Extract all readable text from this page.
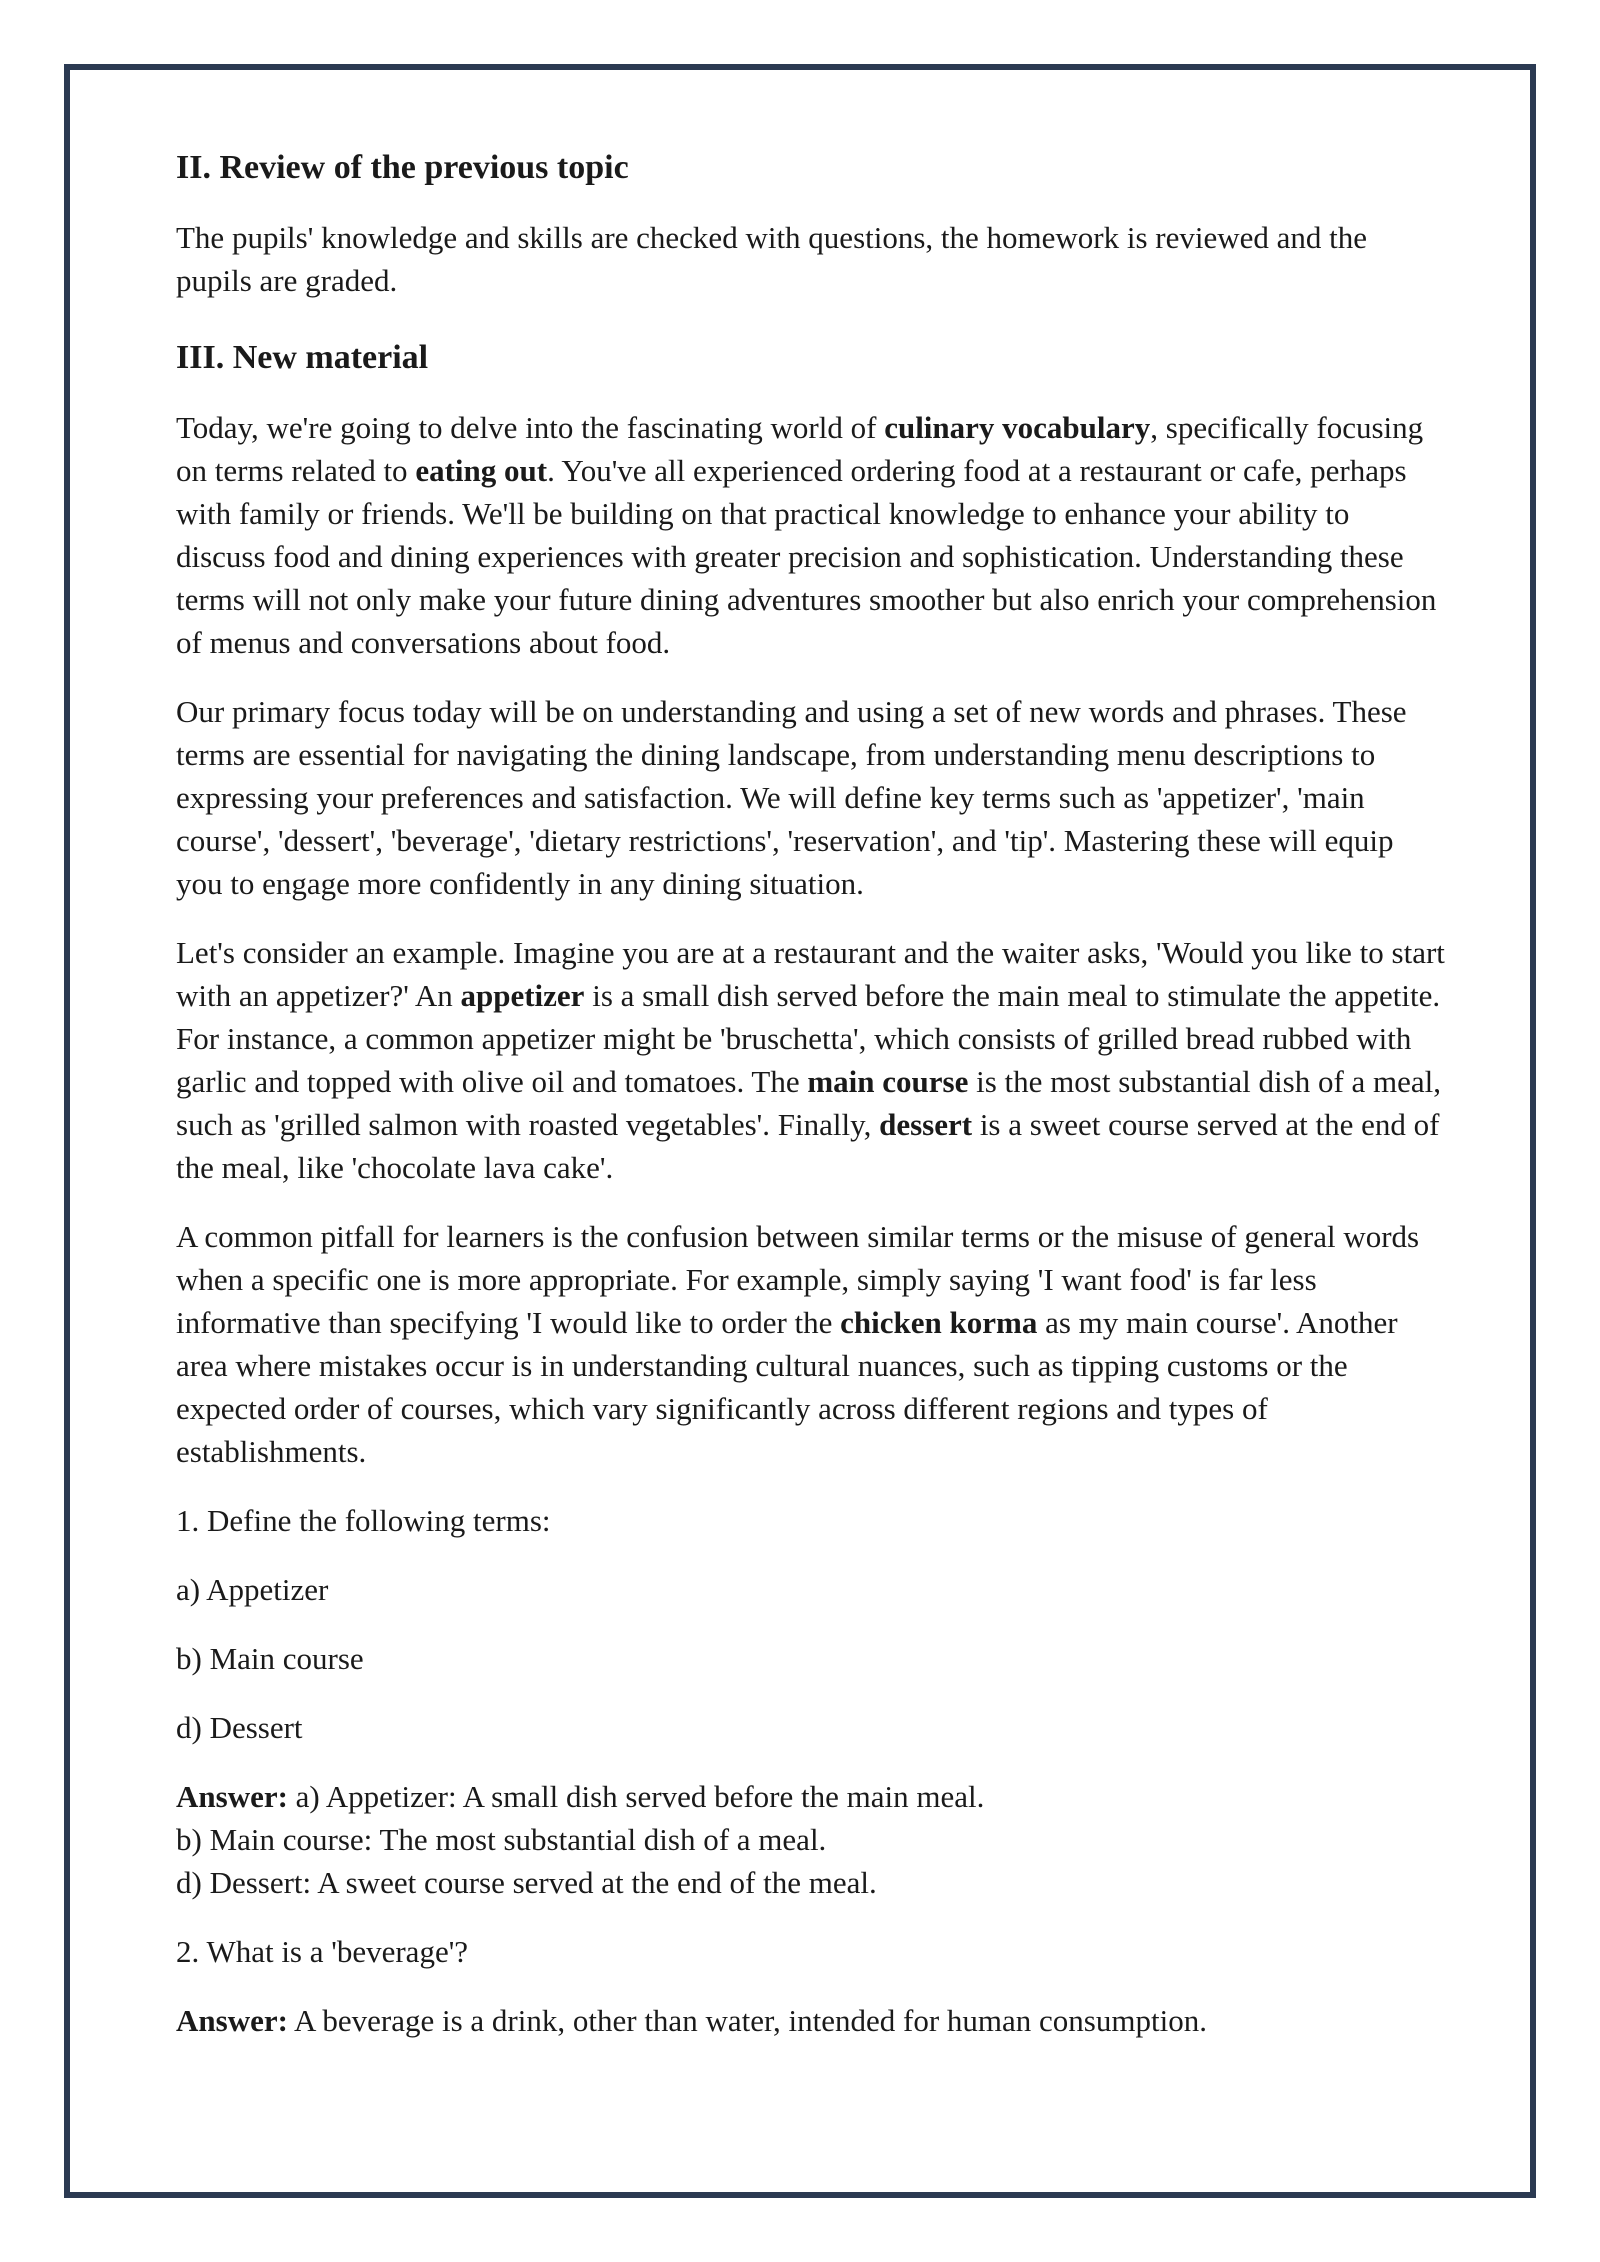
II. Review of the previous topic

The pupils' knowledge and skills are checked with questions, the homework is reviewed and the pupils are graded.

III. New material

Today, we're going to delve into the fascinating world of culinary vocabulary, specifically focusing on terms related to eating out. You've all experienced ordering food at a restaurant or cafe, perhaps with family or friends. We'll be building on that practical knowledge to enhance your ability to discuss food and dining experiences with greater precision and sophistication. Understanding these terms will not only make your future dining adventures smoother but also enrich your comprehension of menus and conversations about food.

Our primary focus today will be on understanding and using a set of new words and phrases. These terms are essential for navigating the dining landscape, from understanding menu descriptions to expressing your preferences and satisfaction. We will define key terms such as 'appetizer', 'main course', 'dessert', 'beverage', 'dietary restrictions', 'reservation', and 'tip'. Mastering these will equip you to engage more confidently in any dining situation.

Let's consider an example. Imagine you are at a restaurant and the waiter asks, 'Would you like to start with an appetizer?' An appetizer is a small dish served before the main meal to stimulate the appetite. For instance, a common appetizer might be 'bruschetta', which consists of grilled bread rubbed with garlic and topped with olive oil and tomatoes. The main course is the most substantial dish of a meal, such as 'grilled salmon with roasted vegetables'. Finally, dessert is a sweet course served at the end of the meal, like 'chocolate lava cake'.

A common pitfall for learners is the confusion between similar terms or the misuse of general words when a specific one is more appropriate. For example, simply saying 'I want food' is far less informative than specifying 'I would like to order the chicken korma as my main course'. Another area where mistakes occur is in understanding cultural nuances, such as tipping customs or the expected order of courses, which vary significantly across different regions and types of establishments.

1. Define the following terms:

a) Appetizer

b) Main course

d) Dessert

Answer: a) Appetizer: A small dish served before the main meal.
b) Main course: The most substantial dish of a meal.
d) Dessert: A sweet course served at the end of the meal.

2. What is a 'beverage'?

Answer: A beverage is a drink, other than water, intended for human consumption.
